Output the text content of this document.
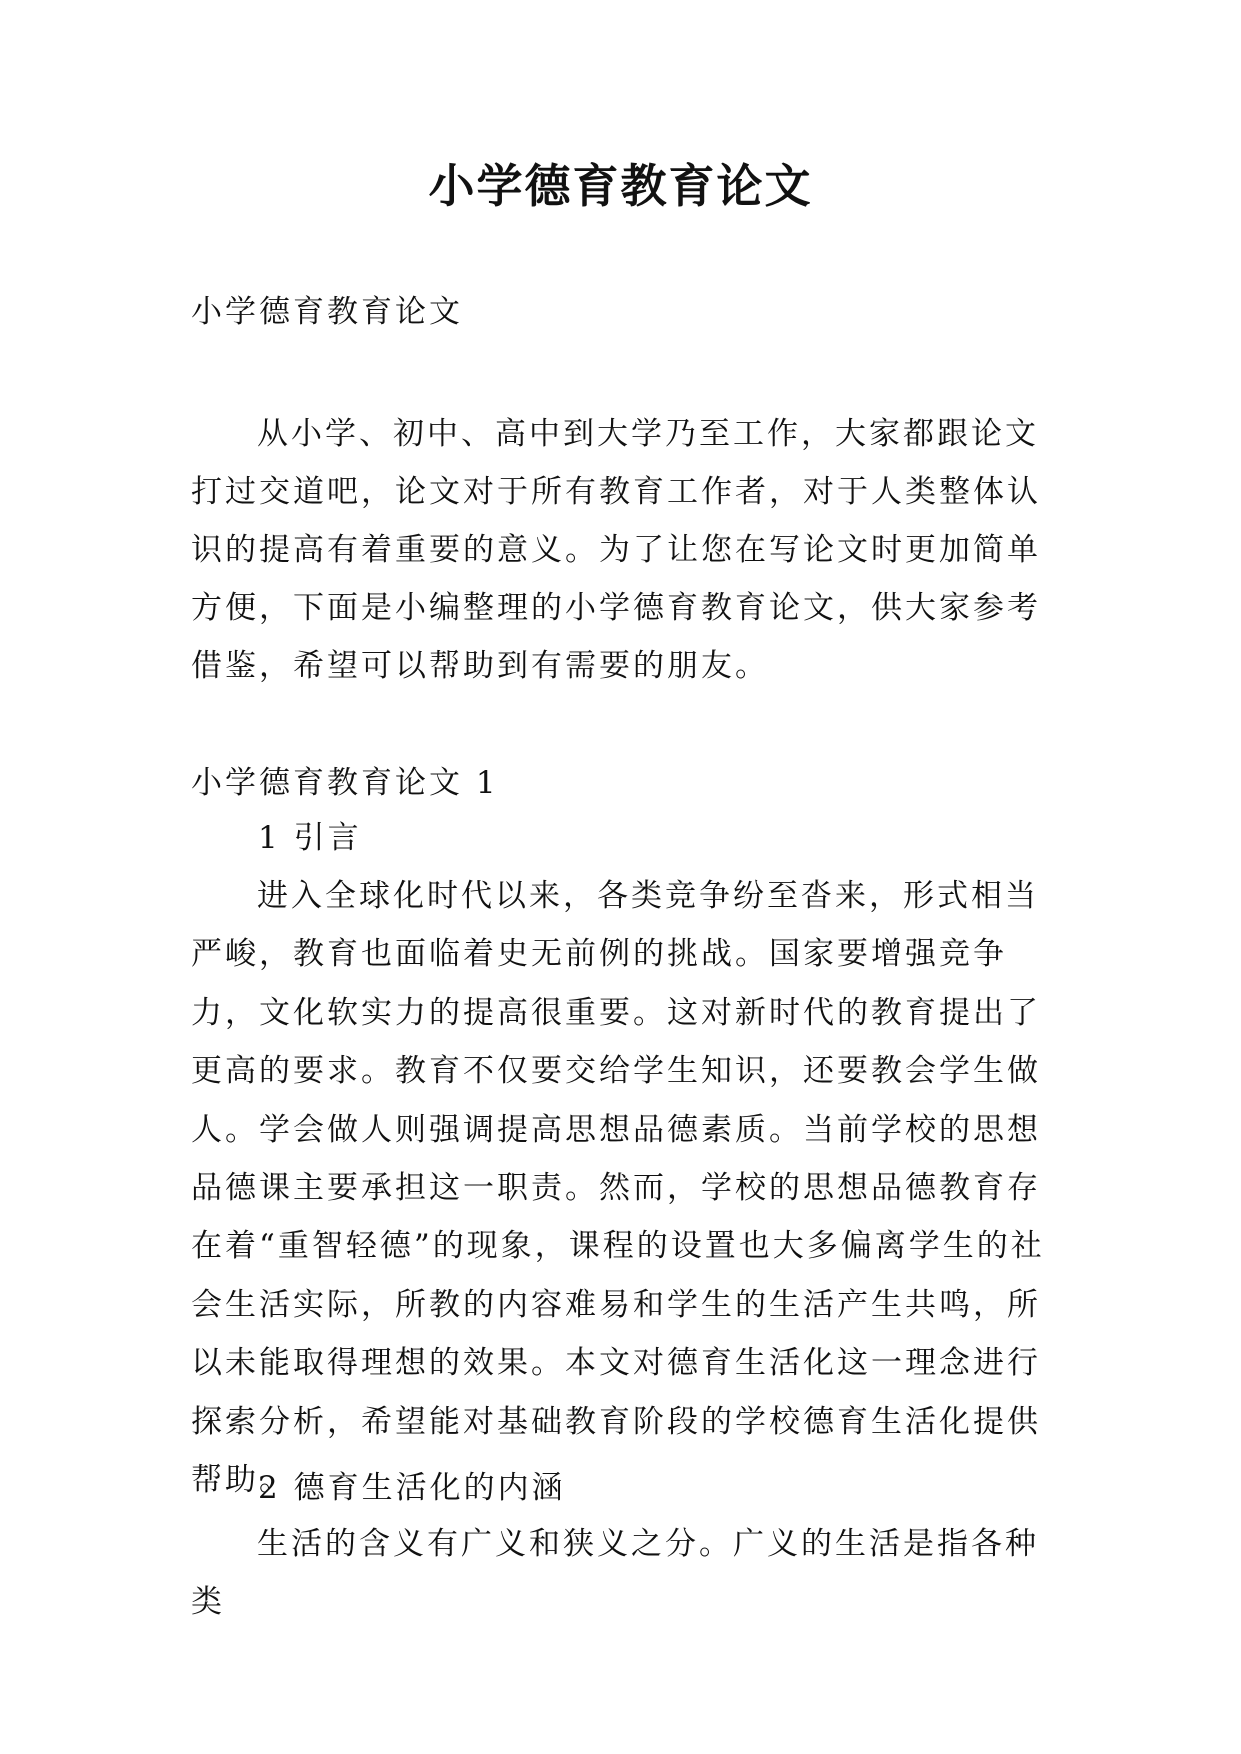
小学德育教育论文

小学德育教育论文

从小学、初中、高中到大学乃至工作，大家都跟论文打过交道吧，论文对于所有教育工作者，对于人类整体认识的提高有着重要的意义。为了让您在写论文时更加简单方便，下面是小编整理的小学德育教育论文，供大家参考借鉴，希望可以帮助到有需要的朋友。

小学德育教育论文 1

1 引言

进入全球化时代以来，各类竞争纷至沓来，形式相当严峻，教育也面临着史无前例的挑战。国家要增强竞争力，文化软实力的提高很重要。这对新时代的教育提出了更高的要求。教育不仅要交给学生知识，还要教会学生做人。学会做人则强调提高思想品德素质。当前学校的思想品德课主要承担这一职责。然而，学校的思想品德教育存在着“重智轻德”的现象，课程的设置也大多偏离学生的社会生活实际，所教的内容难易和学生的生活产生共鸣，所以未能取得理想的效果。本文对德育生活化这一理念进行探索分析，希望能对基础教育阶段的学校德育生活化提供帮助。

2 德育生活化的内涵

生活的含义有广义和狭义之分。广义的生活是指各种类
